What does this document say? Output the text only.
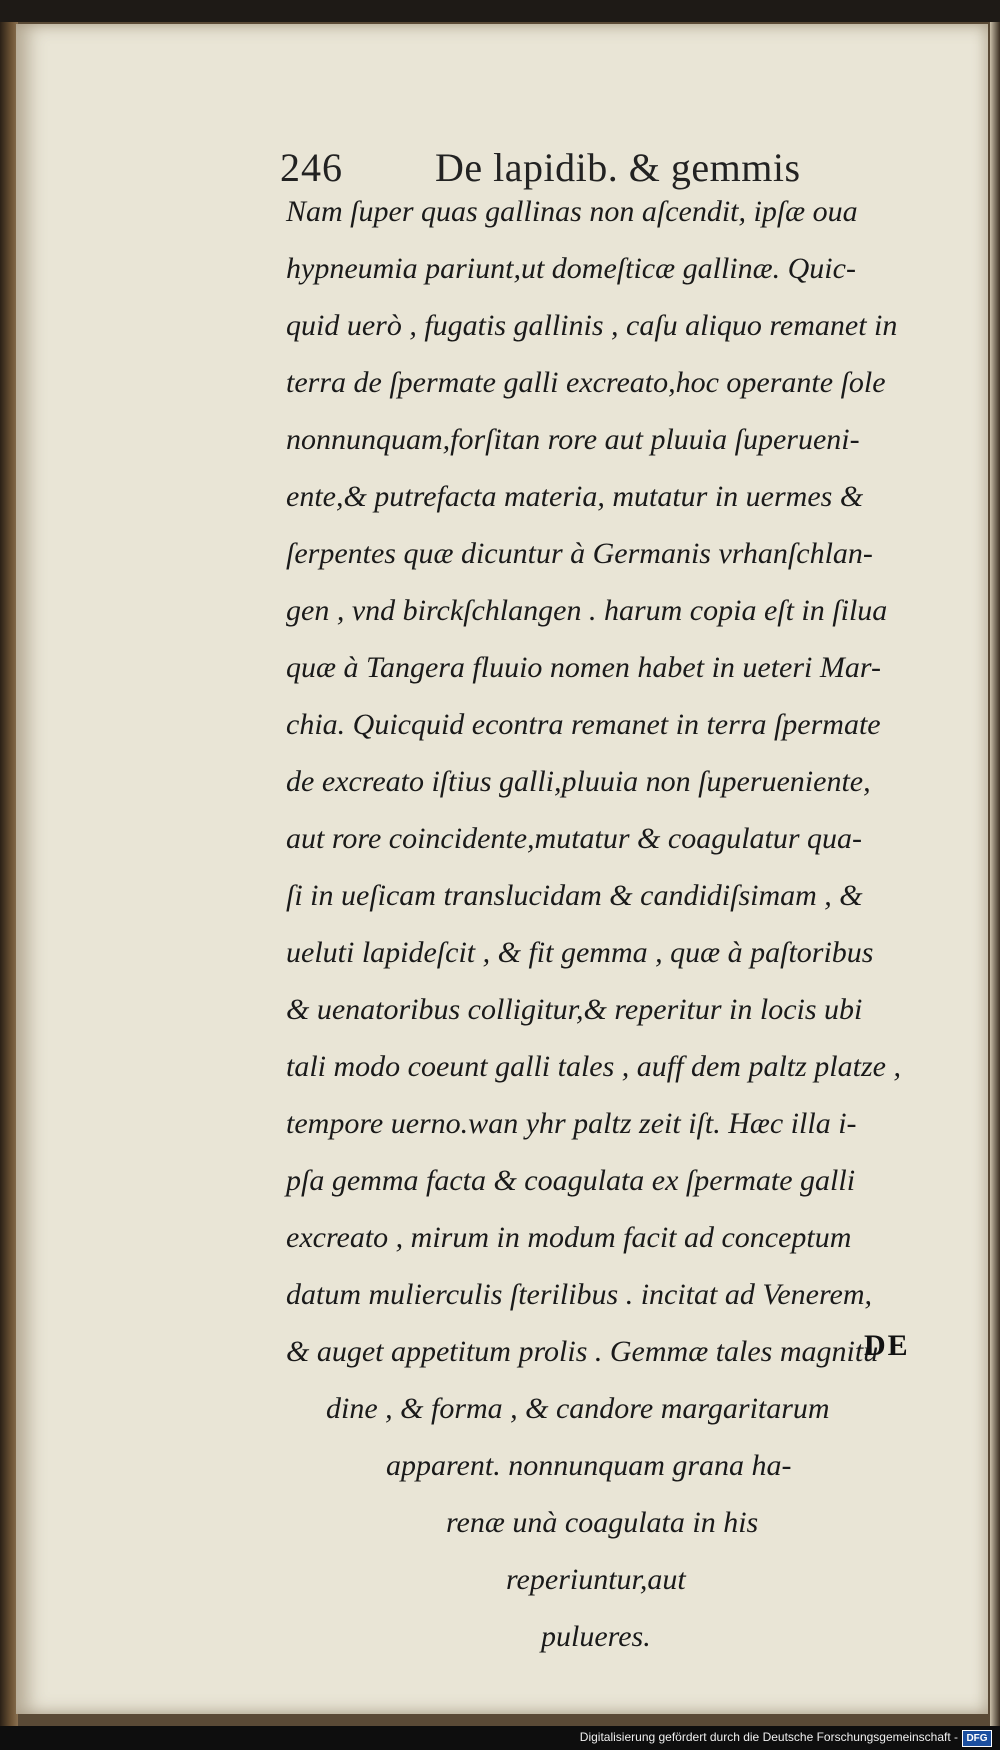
246 De lapidib. & gemmis
Nam ſuper quas gallinas non aſcendit, ipſæ oua
hypneumia pariunt,ut domeſticæ gallinæ. Quic-
quid uerò , fugatis gallinis , caſu aliquo remanet in
terra de ſpermate galli excreato,hoc operante ſole
nonnunquam,forſitan rore aut pluuia ſuperueni-
ente,& putrefacta materia, mutatur in uermes &
ſerpentes quæ dicuntur à Germanis vrhanſchlan-
gen , vnd birckſchlangen . harum copia eſt in ſilua
quæ à Tangera fluuio nomen habet in ueteri Mar-
chia. Quicquid econtra remanet in terra ſpermate
de excreato iſtius galli,pluuia non ſuperueniente,
aut rore coincidente,mutatur & coagulatur qua-
ſi in ueſicam translucidam & candidiſsimam , &
ueluti lapideſcit , & fit gemma , quæ à paſtoribus
& uenatoribus colligitur,& reperitur in locis ubi
tali modo coeunt galli tales , auff dem paltz platze ,
tempore uerno.wan yhr paltz zeit iſt. Hæc illa i-
pſa gemma facta & coagulata ex ſpermate galli
excreato , mirum in modum facit ad conceptum
datum mulierculis ſterilibus . incitat ad Venerem,
& auget appetitum prolis . Gemmæ tales magnitu
dine , & forma , & candore margaritarum
apparent. nonnunquam grana ha-
renæ unà coagulata in his
reperiuntur,aut
pulueres.
DE
Digitalisierung gefördert durch die Deutsche Forschungsgemeinschaft - DFG
